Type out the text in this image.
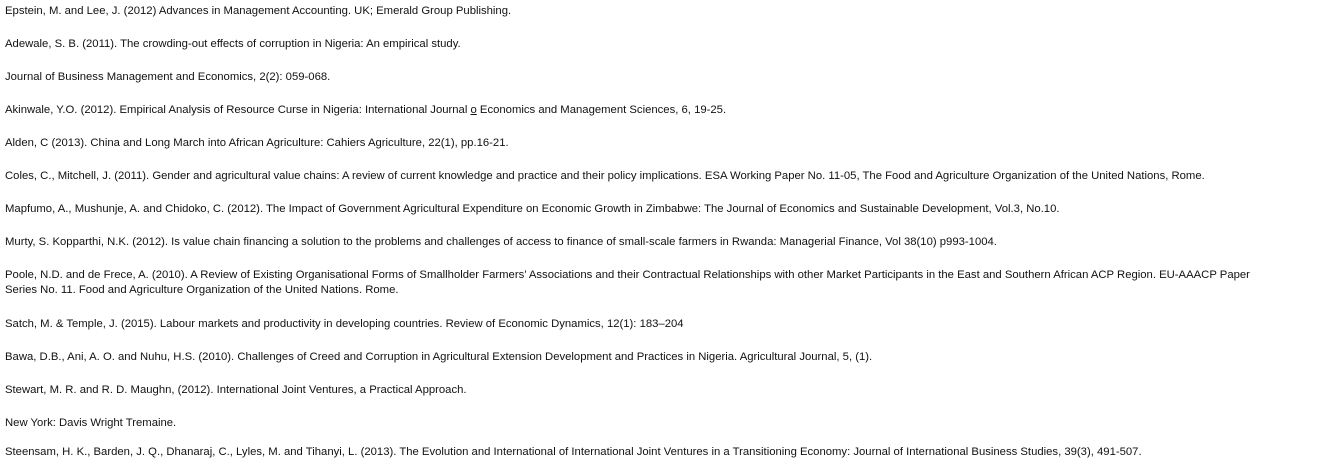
Epstein, M. and Lee, J. (2012) Advances in Management Accounting. UK; Emerald Group Publishing.
Adewale, S. B. (2011). The crowding-out effects of corruption in Nigeria: An empirical study.
Journal of Business Management and Economics, 2(2): 059-068.
Akinwale, Y.O. (2012). Empirical Analysis of Resource Curse in Nigeria: International Journal o Economics and Management Sciences, 6, 19-25.
Alden, C (2013). China and Long March into African Agriculture: Cahiers Agriculture, 22(1), pp.16-21.
Coles, C., Mitchell, J. (2011). Gender and agricultural value chains: A review of current knowledge and practice and their policy implications. ESA Working Paper No. 11-05, The Food and Agriculture Organization of the United Nations, Rome.
Mapfumo, A., Mushunje, A. and Chidoko, C. (2012). The Impact of Government Agricultural Expenditure on Economic Growth in Zimbabwe: The Journal of Economics and Sustainable Development, Vol.3, No.10.
Murty, S. Kopparthi, N.K. (2012). Is value chain financing a solution to the problems and challenges of access to finance of small-scale farmers in Rwanda: Managerial Finance, Vol 38(10) p993-1004.
Poole, N.D. and de Frece, A. (2010). A Review of Existing Organisational Forms of Smallholder Farmers’ Associations and their Contractual Relationships with other Market Participants in the East and Southern African ACP Region. EU-AAACP Paper Series No. 11. Food and Agriculture Organization of the United Nations. Rome.
Satch, M. & Temple, J. (2015). Labour markets and productivity in developing countries. Review of Economic Dynamics, 12(1): 183–204
Bawa, D.B., Ani, A. O. and Nuhu, H.S. (2010). Challenges of Creed and Corruption in Agricultural Extension Development and Practices in Nigeria. Agricultural Journal, 5, (1).
Stewart, M. R. and R. D. Maughn, (2012). International Joint Ventures, a Practical Approach.
New York: Davis Wright Tremaine.
Steensam, H. K., Barden, J. Q., Dhanaraj, C., Lyles, M. and Tihanyi, L. (2013). The Evolution and International of International Joint Ventures in a Transitioning Economy: Journal of International Business Studies, 39(3), 491-507.
